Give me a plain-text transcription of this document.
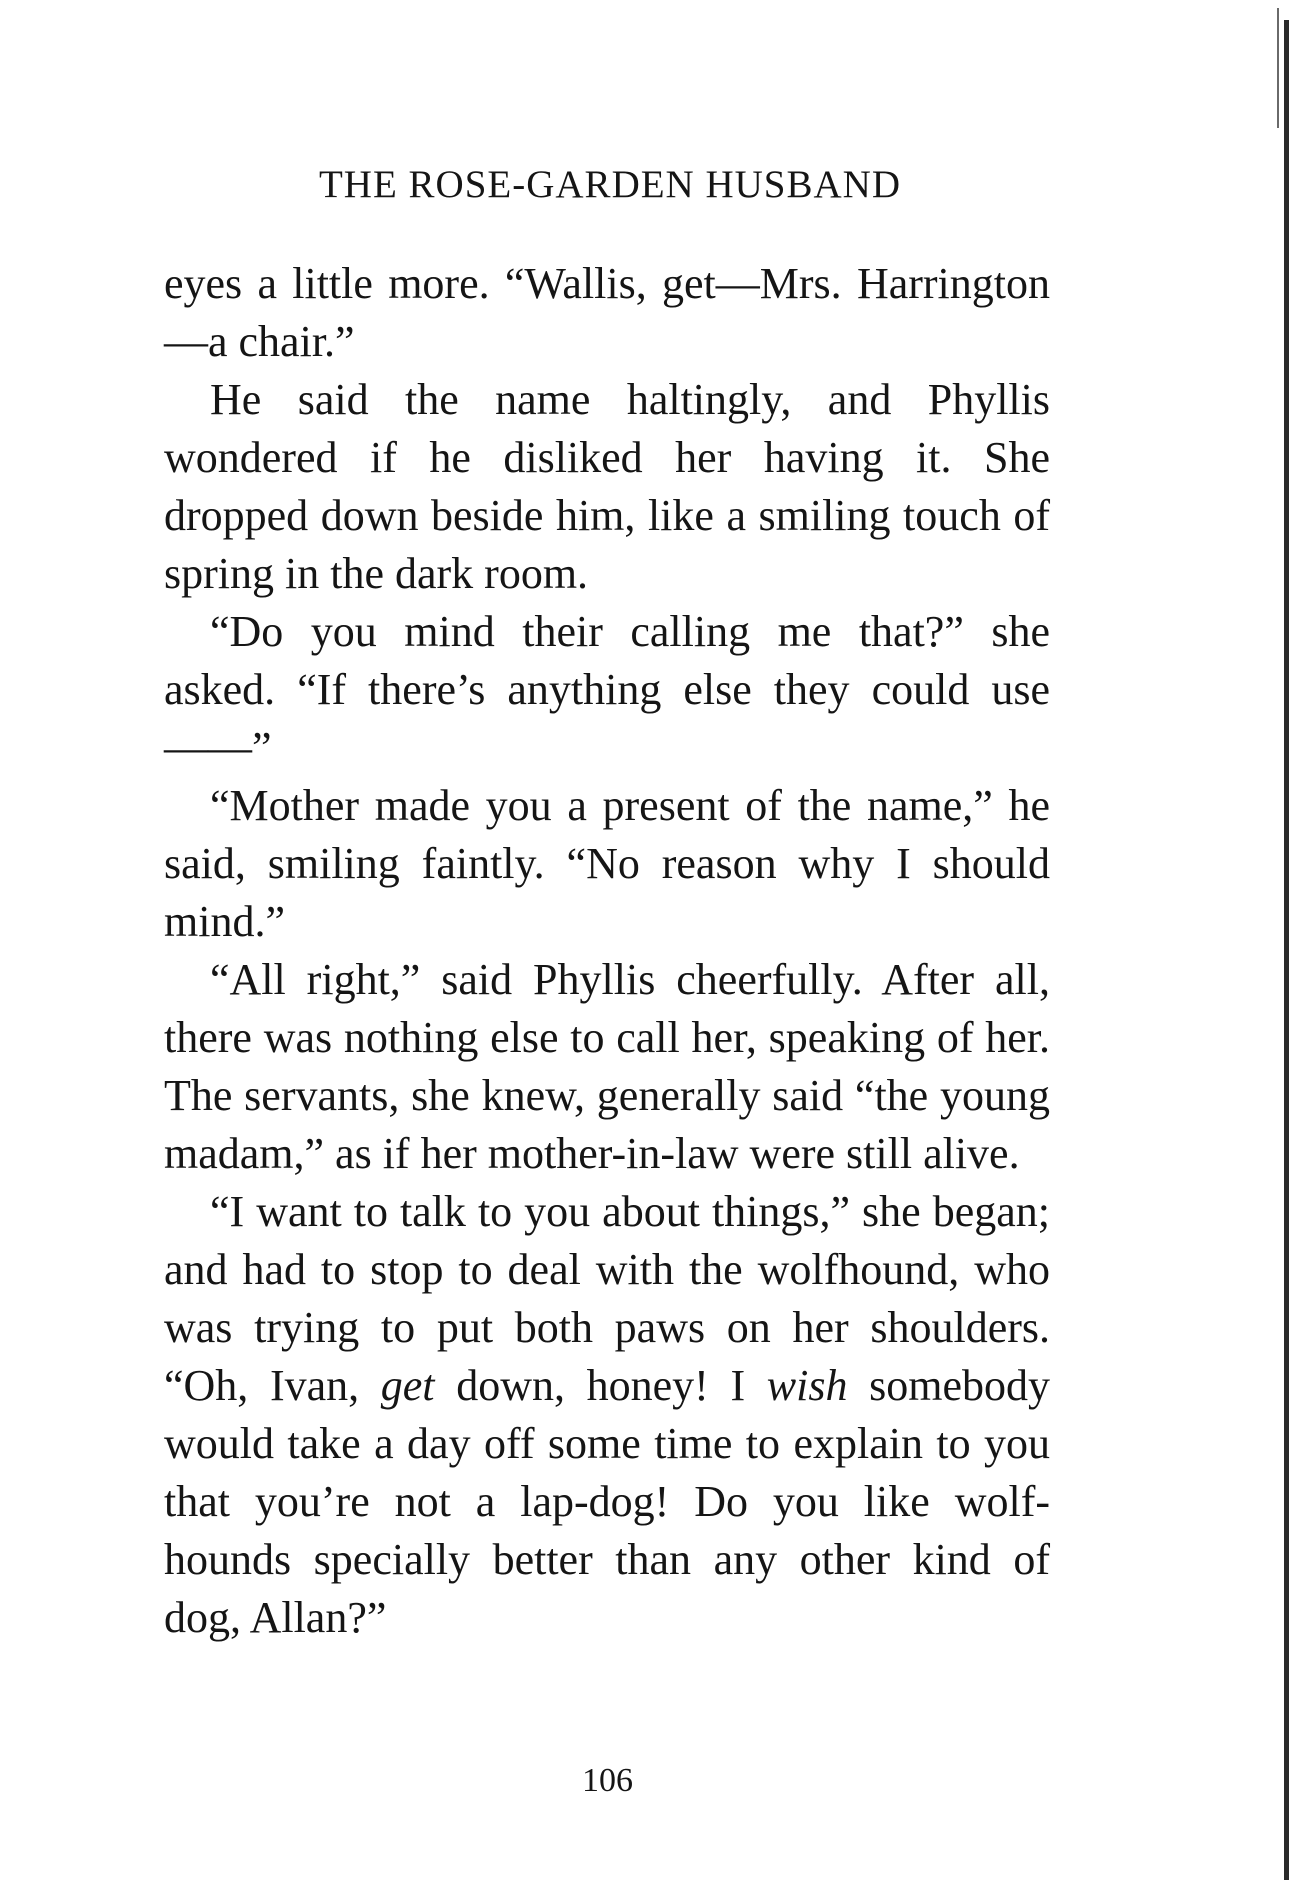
THE ROSE-GARDEN HUSBAND

eyes a little more. “Wallis, get—Mrs. Harrington—a chair.”

He said the name haltingly, and Phyllis wondered if he disliked her having it. She dropped down beside him, like a smiling touch of spring in the dark room.

“Do you mind their calling me that?” she asked. “If there’s anything else they could use——”

“Mother made you a present of the name,” he said, smiling faintly. “No reason why I should mind.”

“All right,” said Phyllis cheerfully. After all, there was nothing else to call her, speaking of her. The servants, she knew, generally said “the young madam,” as if her mother-in-law were still alive.

“I want to talk to you about things,” she began; and had to stop to deal with the wolfhound, who was trying to put both paws on her shoulders. “Oh, Ivan, get down, honey! I wish somebody would take a day off some time to explain to you that you’re not a lap-dog! Do you like wolf-hounds specially better than any other kind of dog, Allan?”

106
